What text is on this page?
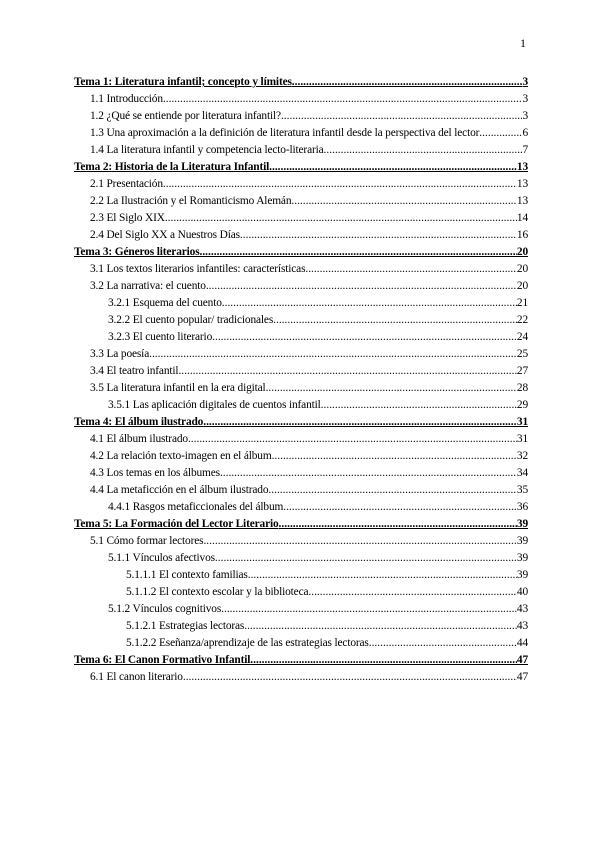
1
Tema 1: Literatura infantil; concepto y límites .....	3
1.1 Introducción .....	3
1.2 ¿Qué se entiende por literatura infantil? .....	3
1.3 Una aproximación a la definición de literatura infantil desde la perspectiva del lector .....	6
1.4 La literatura infantil y competencia lecto-literaria .....	7
Tema 2: Historia de la Literatura Infantil .....	13
2.1 Presentación .....	13
2.2 La Ilustración y el Romanticismo Alemán .....	13
2.3 El Siglo XIX .....	14
2.4 Del Siglo XX a Nuestros Días .....	16
Tema 3: Géneros literarios .....	20
3.1 Los textos literarios infantiles: características .....	20
3.2 La narrativa: el cuento .....	20
3.2.1 Esquema del cuento .....	21
3.2.2 El cuento popular/ tradicionales .....	22
3.2.3 El cuento literario .....	24
3.3 La poesía .....	25
3.4 El teatro infantil .....	27
3.5 La literatura infantil en la era digital .....	28
3.5.1 Las aplicación digitales de cuentos infantil .....	29
Tema 4: El álbum ilustrado .....	31
4.1 El álbum ilustrado .....	31
4.2 La relación texto-imagen en el álbum .....	32
4.3 Los temas en los álbumes .....	34
4.4 La metaficción en el álbum ilustrado .....	35
4.4.1 Rasgos metaficcionales del álbum .....	36
Tema 5: La Formación del Lector Literario .....	39
5.1 Cómo formar lectores .....	39
5.1.1 Vínculos afectivos .....	39
5.1.1.1 El contexto familias .....	39
5.1.1.2 El contexto escolar y la biblioteca .....	40
5.1.2 Vínculos cognitivos .....	43
5.1.2.1 Estrategias lectoras .....	43
5.1.2.2 Eseñanza/aprendizaje de las estrategias lectoras .....	44
Tema 6: El Canon Formativo Infantil .....	47
6.1 El canon literario .....	47
